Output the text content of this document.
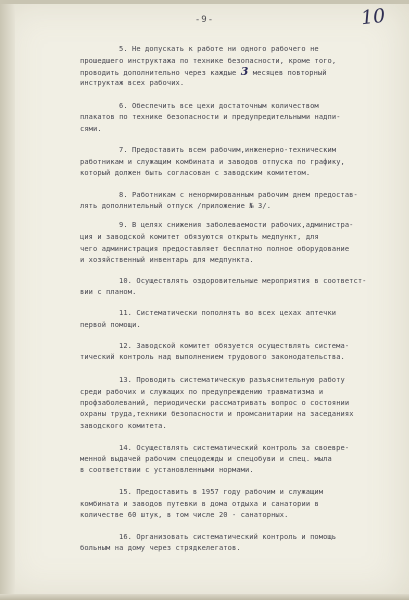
-9-	10

5. Не допускать к работе ни одного рабочего не

прошедшего инструктажа по технике безопасности, кроме того,

проводить дополнительно через каждые 3 месяцев повторный

инструктаж всех рабочих.

6. Обеспечить все цехи достаточным количеством

плакатов по технике безопасности и предупредительными надпи-

сями.

7. Предоставить всем рабочим,инженерно-техническим

работникам и служащим комбината и заводов отпуска по графику,

который должен быть согласован с заводским комитетом.

8. Работникам с ненормированным рабочим днем предостав-

лять дополнительный отпуск /приложение № 3/.

9. В целях снижения заболеваемости рабочих,администра-

ция и заводской комитет обязуются открыть медпункт, для

чего администрация предоставляет бесплатно полное оборудование

и хозяйственный инвентарь для медпункта.

10. Осуществлять оздоровительные мероприятия в соответст-

вии с планом.

11. Систематически пополнять во всех цехах аптечки

первой помощи.

12. Заводской комитет обязуется осуществлять система-

тический контроль над выполнением трудового законодательства.

13. Проводить систематическую разъяснительную работу

среди рабочих и служащих по предупреждению травматизма и

профзаболеваний, периодически рассматривать вопрос о состоянии

охраны труда,техники безопасности и промсанитарии на заседаниях

заводского комитета.

14. Осуществлять систематический контроль за своевре-

менной выдачей рабочим спецодежды и спецобуви и спец. мыла

в соответствии с установленными нормами.

15. Предоставить в 1957 году рабочим и служащим

комбината и заводов путевки в дома отдыха и санатории в

количестве 60 штук, в том числе 20 - санаторных.

16. Организовать систематический контроль и помощь

больным на дому через стрядкелегатов.
